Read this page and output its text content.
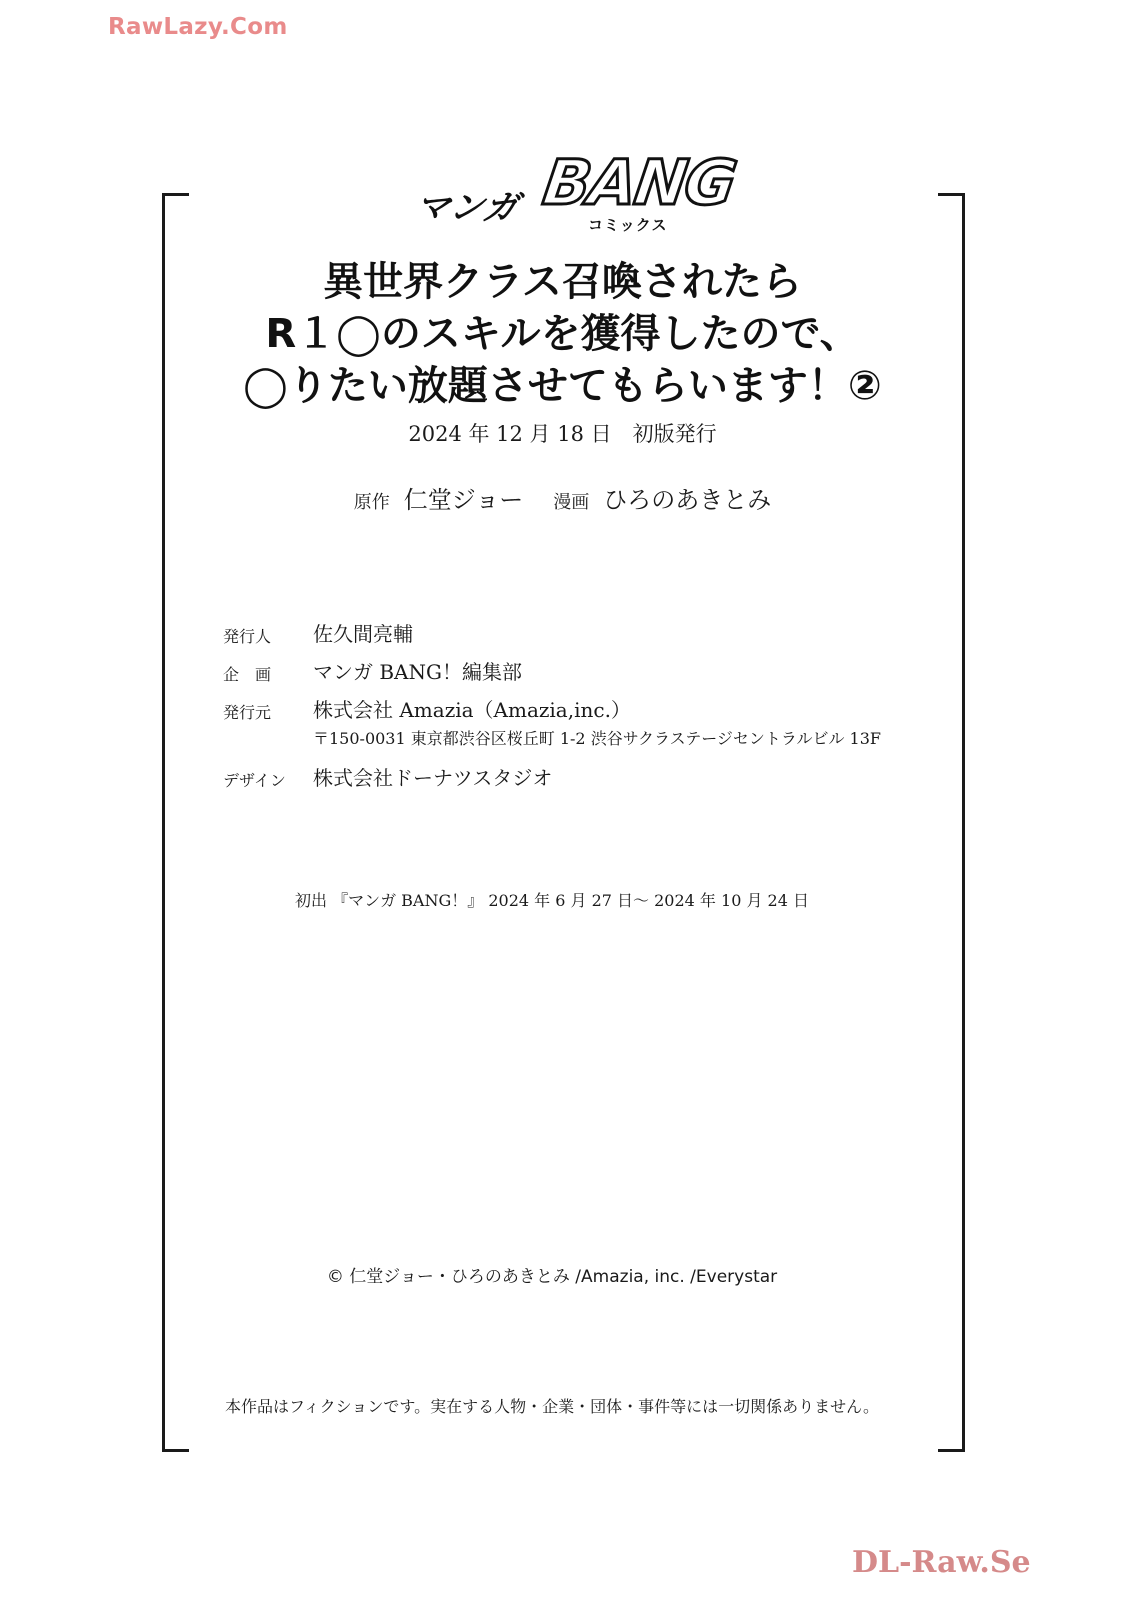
RawLazy.Com
マンガ BANG
コミックス
異世界クラス召喚されたら
R１◯のスキルを獲得したので、
◯りたい放題させてもらいます！②
2024 年 12 月 18 日　初版発行
原作 仁堂ジョー 漫画 ひろのあきとみ
発行人	佐久間亮輔
企　画	マンガ BANG！編集部
発行元	株式会社 Amazia（Amazia,inc.）
〒150-0031 東京都渋谷区桜丘町 1-2 渋谷サクラステージセントラルビル 13F
デザイン	株式会社ドーナツスタジオ
初出 『マンガ BANG！』 2024 年 6 月 27 日～ 2024 年 10 月 24 日
© 仁堂ジョー・ひろのあきとみ /Amazia, inc. /Everystar
本作品はフィクションです。実在する人物・企業・団体・事件等には一切関係ありません。
DL-Raw.Se
